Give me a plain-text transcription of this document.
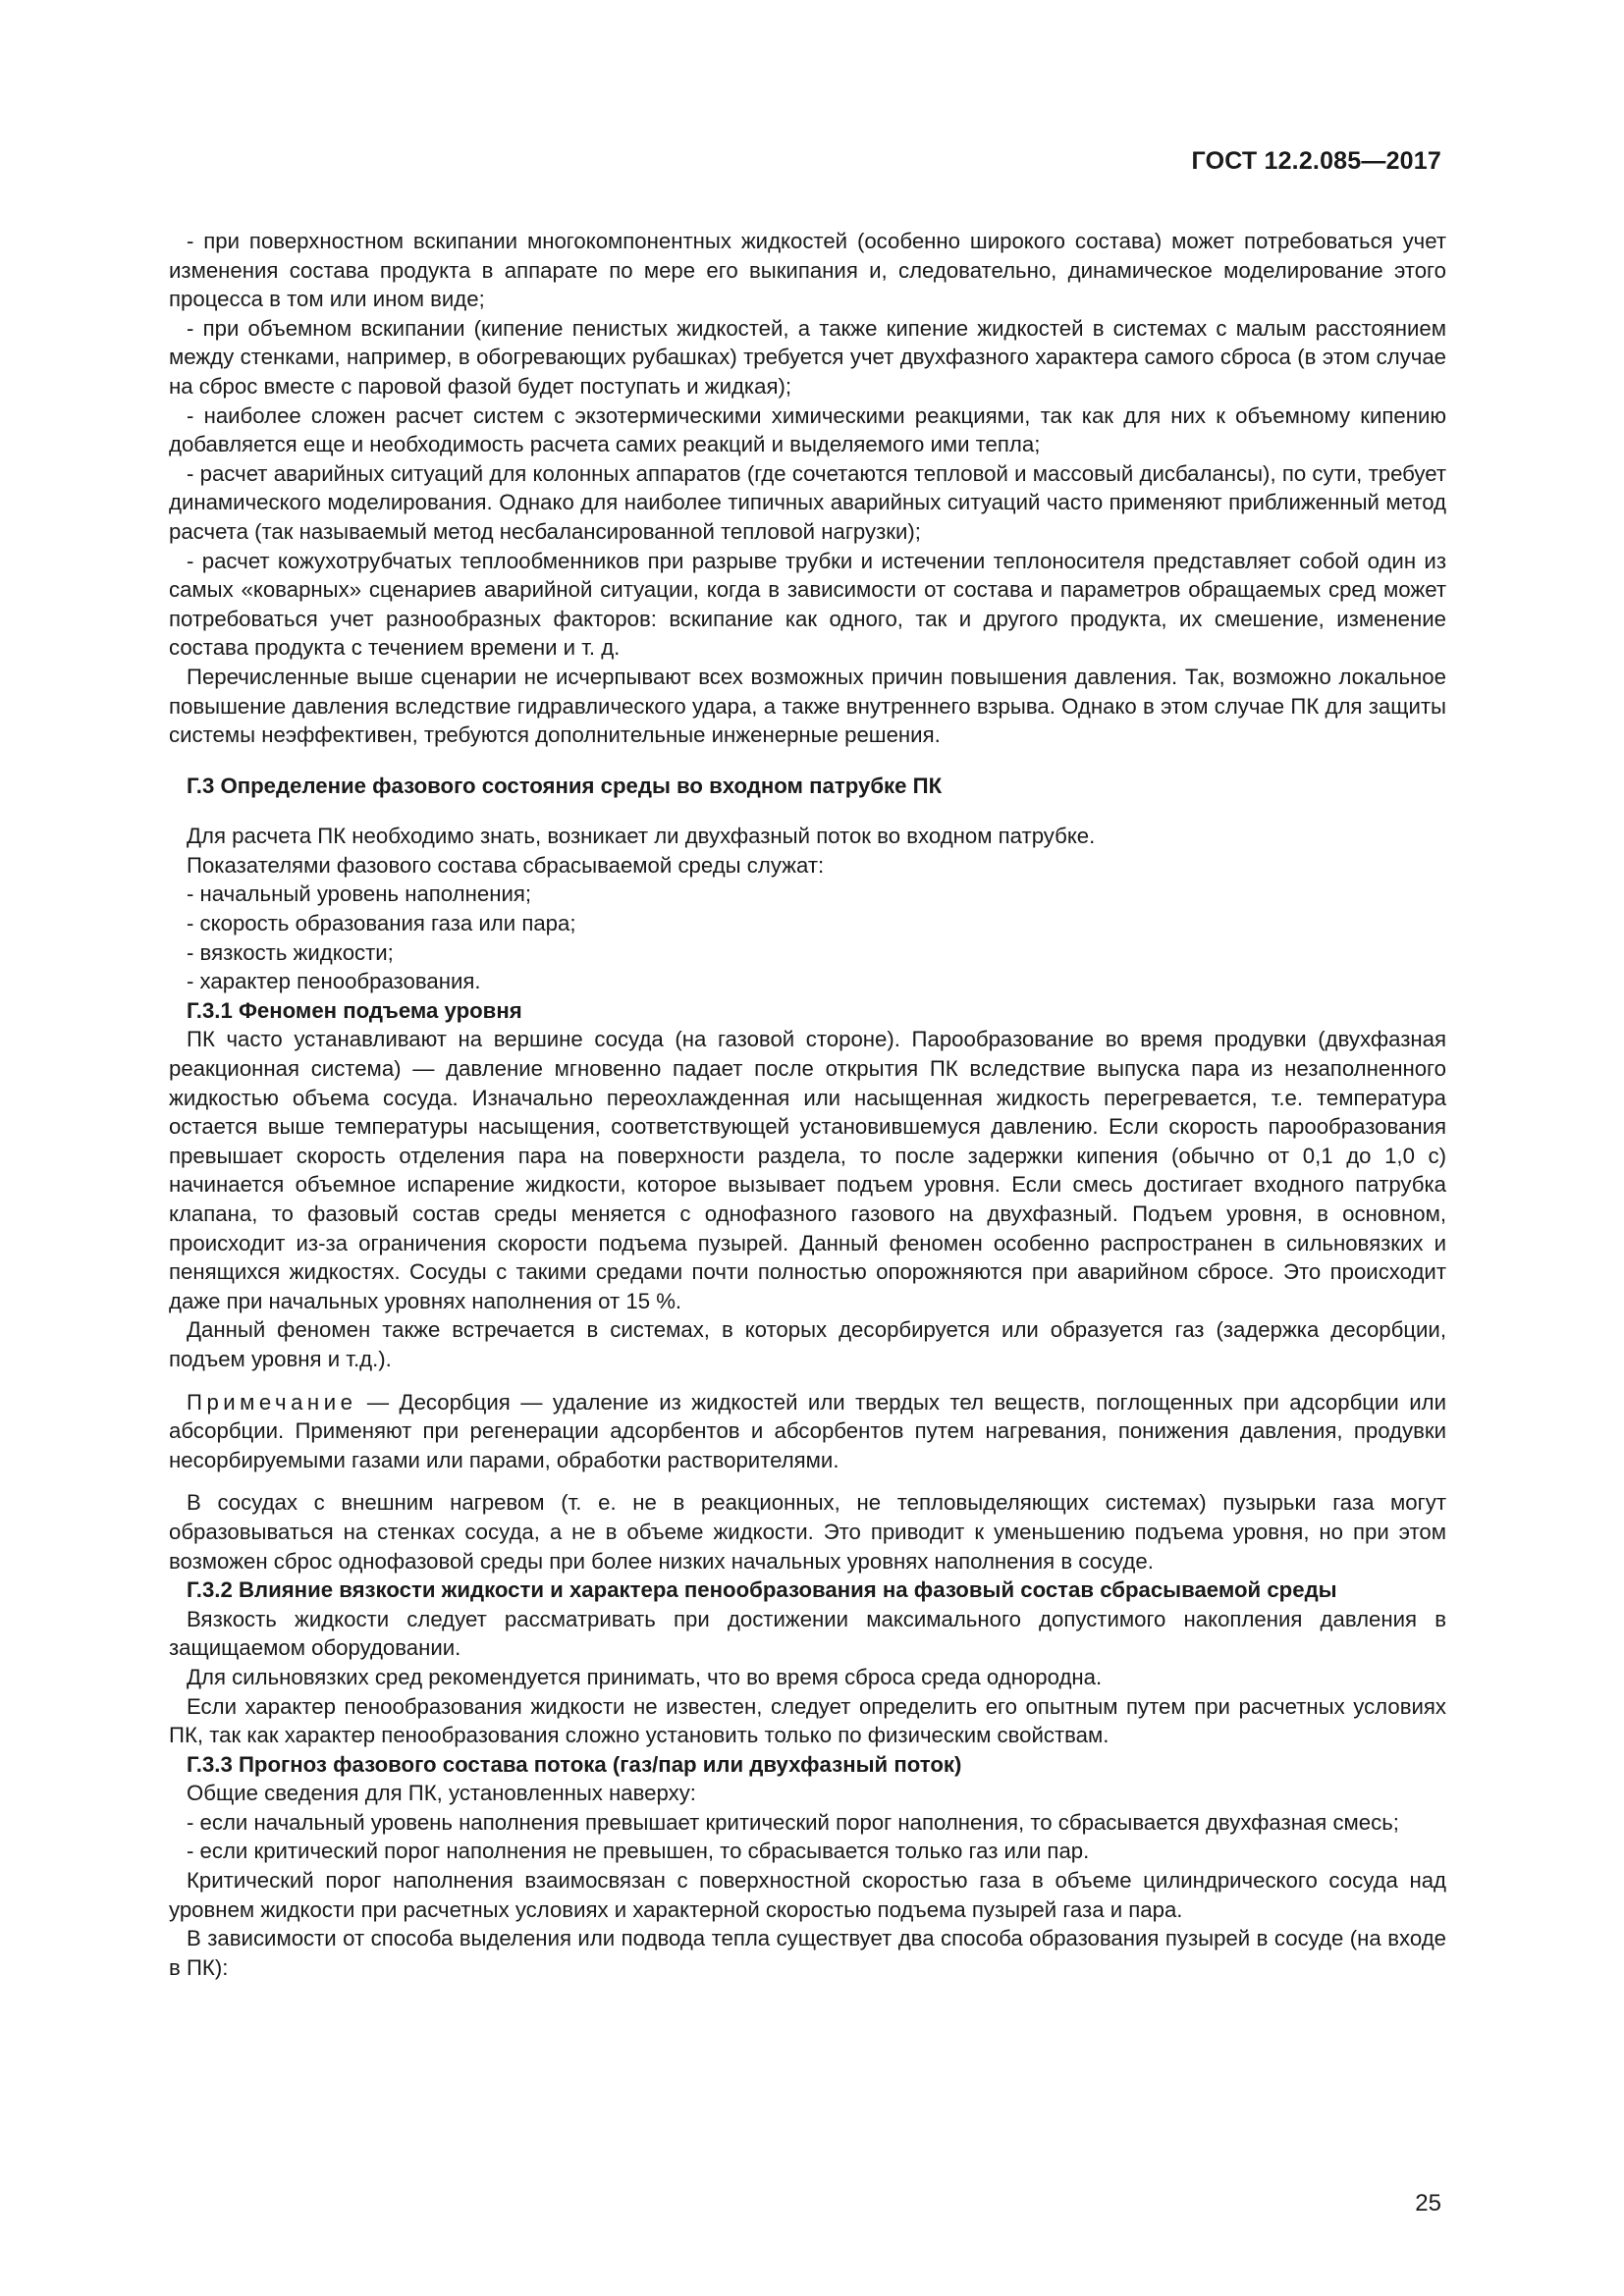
ГОСТ 12.2.085—2017

- при поверхностном вскипании многокомпонентных жидкостей (особенно широкого состава) может потребоваться учет изменения состава продукта в аппарате по мере его выкипания и, следовательно, динамическое моделирование этого процесса в том или ином виде;

- при объемном вскипании (кипение пенистых жидкостей, а также кипение жидкостей в системах с малым расстоянием между стенками, например, в обогревающих рубашках) требуется учет двухфазного характера самого сброса (в этом случае на сброс вместе с паровой фазой будет поступать и жидкая);

- наиболее сложен расчет систем с экзотермическими химическими реакциями, так как для них к объемному кипению добавляется еще и необходимость расчета самих реакций и выделяемого ими тепла;

- расчет аварийных ситуаций для колонных аппаратов (где сочетаются тепловой и массовый дисбалансы), по сути, требует динамического моделирования. Однако для наиболее типичных аварийных ситуаций часто применяют приближенный метод расчета (так называемый метод несбалансированной тепловой нагрузки);

- расчет кожухотрубчатых теплообменников при разрыве трубки и истечении теплоносителя представляет собой один из самых «коварных» сценариев аварийной ситуации, когда в зависимости от состава и параметров обращаемых сред может потребоваться учет разнообразных факторов: вскипание как одного, так и другого продукта, их смешение, изменение состава продукта с течением времени и т. д.

Перечисленные выше сценарии не исчерпывают всех возможных причин повышения давления. Так, возможно локальное повышение давления вследствие гидравлического удара, а также внутреннего взрыва. Однако в этом случае ПК для защиты системы неэффективен, требуются дополнительные инженерные решения.

Г.3 Определение фазового состояния среды во входном патрубке ПК

Для расчета ПК необходимо знать, возникает ли двухфазный поток во входном патрубке.

Показателями фазового состава сбрасываемой среды служат:

- начальный уровень наполнения;

- скорость образования газа или пара;

- вязкость жидкости;

- характер пенообразования.

Г.3.1 Феномен подъема уровня

ПК часто устанавливают на вершине сосуда (на газовой стороне). Парообразование во время продувки (двухфазная реакционная система) — давление мгновенно падает после открытия ПК вследствие выпуска пара из незаполненного жидкостью объема сосуда. Изначально переохлажденная или насыщенная жидкость перегревается, т.е. температура остается выше температуры насыщения, соответствующей установившемуся давлению. Если скорость парообразования превышает скорость отделения пара на поверхности раздела, то после задержки кипения (обычно от 0,1 до 1,0 с) начинается объемное испарение жидкости, которое вызывает подъем уровня. Если смесь достигает входного патрубка клапана, то фазовый состав среды меняется с однофазного газового на двухфазный. Подъем уровня, в основном, происходит из-за ограничения скорости подъема пузырей. Данный феномен особенно распространен в сильновязких и пенящихся жидкостях. Сосуды с такими средами почти полностью опорожняются при аварийном сбросе. Это происходит даже при начальных уровнях наполнения от 15 %.

Данный феномен также встречается в системах, в которых десорбируется или образуется газ (задержка десорбции, подъем уровня и т.д.).

Примечание — Десорбция — удаление из жидкостей или твердых тел веществ, поглощенных при адсорбции или абсорбции. Применяют при регенерации адсорбентов и абсорбентов путем нагревания, понижения давления, продувки несорбируемыми газами или парами, обработки растворителями.

В сосудах с внешним нагревом (т. е. не в реакционных, не тепловыделяющих системах) пузырьки газа могут образовываться на стенках сосуда, а не в объеме жидкости. Это приводит к уменьшению подъема уровня, но при этом возможен сброс однофазовой среды при более низких начальных уровнях наполнения в сосуде.

Г.3.2 Влияние вязкости жидкости и характера пенообразования на фазовый состав сбрасываемой среды

Вязкость жидкости следует рассматривать при достижении максимального допустимого накопления давления в защищаемом оборудовании.

Для сильновязких сред рекомендуется принимать, что во время сброса среда однородна.

Если характер пенообразования жидкости не известен, следует определить его опытным путем при расчетных условиях ПК, так как характер пенообразования сложно установить только по физическим свойствам.

Г.3.3 Прогноз фазового состава потока (газ/пар или двухфазный поток)

Общие сведения для ПК, установленных наверху:

- если начальный уровень наполнения превышает критический порог наполнения, то сбрасывается двухфазная смесь;

- если критический порог наполнения не превышен, то сбрасывается только газ или пар.

Критический порог наполнения взаимосвязан с поверхностной скоростью газа в объеме цилиндрического сосуда над уровнем жидкости при расчетных условиях и характерной скоростью подъема пузырей газа и пара.

В зависимости от способа выделения или подвода тепла существует два способа образования пузырей в сосуде (на входе в ПК):

25
